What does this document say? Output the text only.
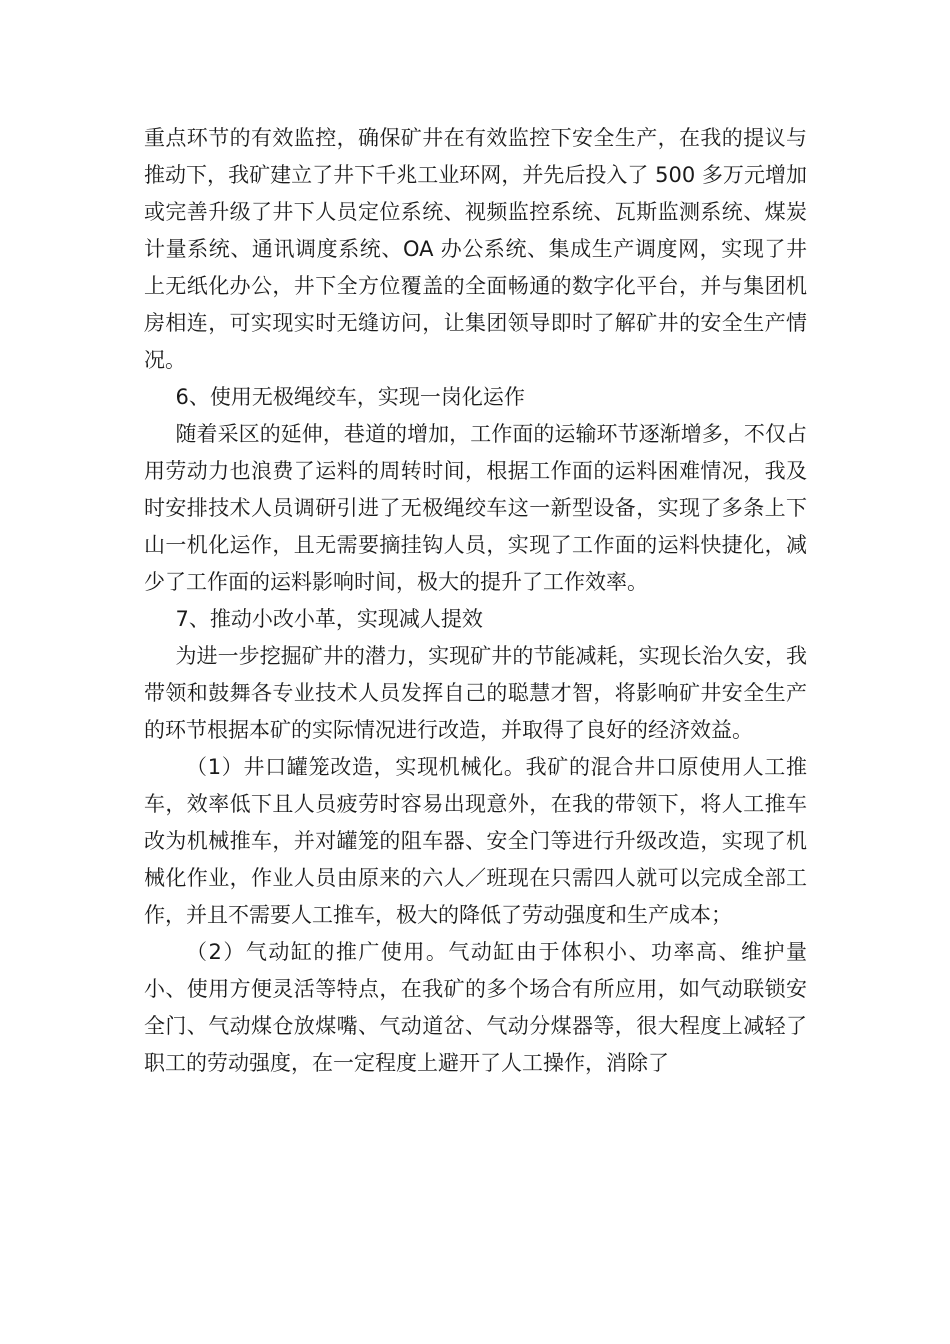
重点环节的有效监控，确保矿井在有效监控下安全生产，在我的提议与推动下，我矿建立了井下千兆工业环网，并先后投入了 500 多万元增加或完善升级了井下人员定位系统、视频监控系统、瓦斯监测系统、煤炭计量系统、通讯调度系统、OA 办公系统、集成生产调度网，实现了井上无纸化办公，井下全方位覆盖的全面畅通的数字化平台，并与集团机房相连，可实现实时无缝访问，让集团领导即时了解矿井的安全生产情况。

6、使用无极绳绞车，实现一岗化运作

随着采区的延伸，巷道的增加，工作面的运输环节逐渐增多，不仅占用劳动力也浪费了运料的周转时间，根据工作面的运料困难情况，我及时安排技术人员调研引进了无极绳绞车这一新型设备，实现了多条上下山一机化运作，且无需要摘挂钩人员，实现了工作面的运料快捷化，减少了工作面的运料影响时间，极大的提升了工作效率。

7、推动小改小革，实现减人提效

为进一步挖掘矿井的潜力，实现矿井的节能减耗，实现长治久安，我带领和鼓舞各专业技术人员发挥自己的聪慧才智，将影响矿井安全生产的环节根据本矿的实际情况进行改造，并取得了良好的经济效益。

（1）井口罐笼改造，实现机械化。我矿的混合井口原使用人工推车，效率低下且人员疲劳时容易出现意外，在我的带领下，将人工推车改为机械推车，并对罐笼的阻车器、安全门等进行升级改造，实现了机械化作业，作业人员由原来的六人／班现在只需四人就可以完成全部工作，并且不需要人工推车，极大的降低了劳动强度和生产成本；

（2）气动缸的推广使用。气动缸由于体积小、功率高、维护量小、使用方便灵活等特点，在我矿的多个场合有所应用，如气动联锁安全门、气动煤仓放煤嘴、气动道岔、气动分煤器等，很大程度上减轻了职工的劳动强度，在一定程度上避开了人工操作，消除了
